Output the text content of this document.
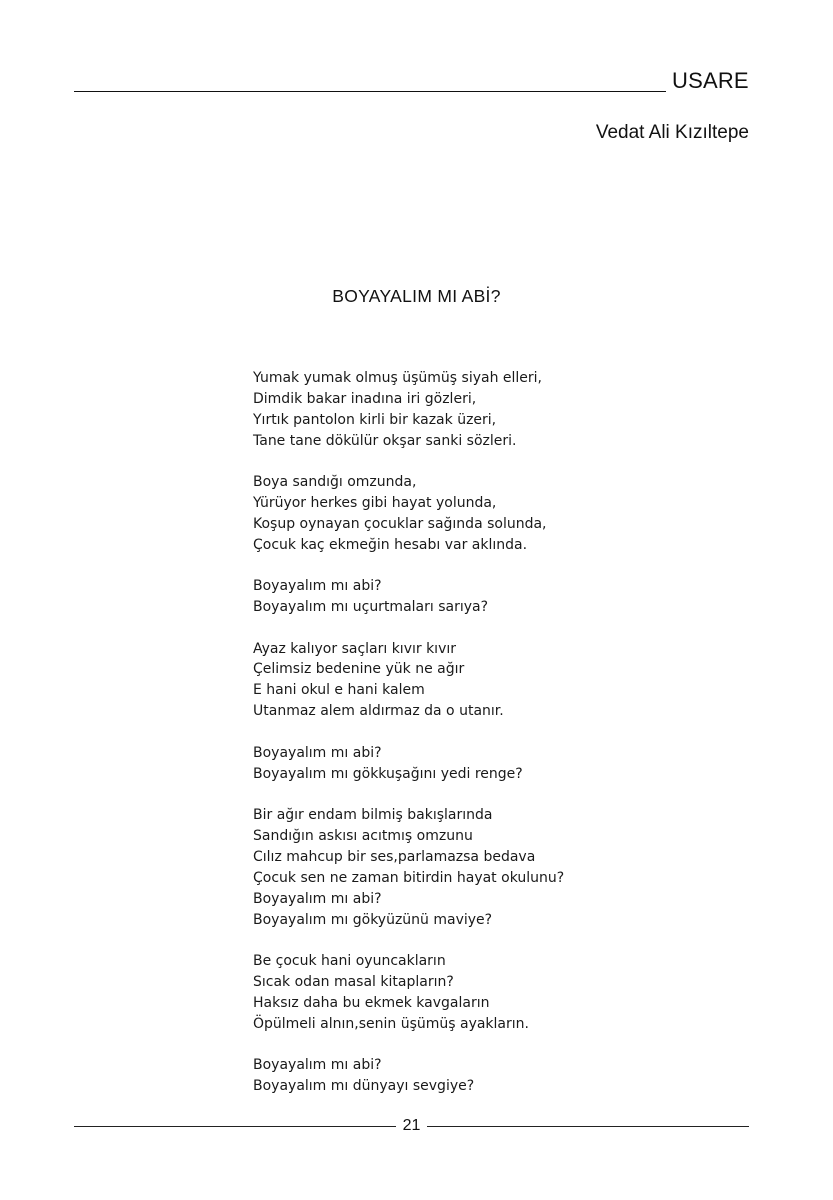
USARE
Vedat Ali Kızıltepe
BOYAYALIM MI ABİ?
Yumak yumak olmuş üşümüş siyah elleri,
Dimdik bakar inadına iri gözleri,
Yırtık pantolon kirli bir kazak üzeri,
Tane tane dökülür okşar sanki sözleri.
Boya sandığı omzunda,
Yürüyor herkes gibi hayat yolunda,
Koşup oynayan çocuklar sağında solunda,
Çocuk kaç ekmeğin hesabı var aklında.
Boyayalım mı abi?
Boyayalım mı uçurtmaları sarıya?
Ayaz kalıyor saçları kıvır kıvır
Çelimsiz bedenine yük ne ağır
E hani okul e hani kalem
Utanmaz alem aldırmaz da o utanır.
Boyayalım mı abi?
Boyayalım mı gökkuşağını yedi renge?
Bir ağır endam bilmiş bakışlarında
Sandığın askısı acıtmış omzunu
Cılız mahcup bir ses,parlamazsa bedava
Çocuk sen ne zaman bitirdin hayat okulunu?
Boyayalım mı abi?
Boyayalım mı gökyüzünü maviye?
Be çocuk hani oyuncakların
Sıcak odan masal kitapların?
Haksız daha bu ekmek kavgaların
Öpülmeli alnın,senin üşümüş ayakların.
Boyayalım mı abi?
Boyayalım mı dünyayı sevgiye?
21
